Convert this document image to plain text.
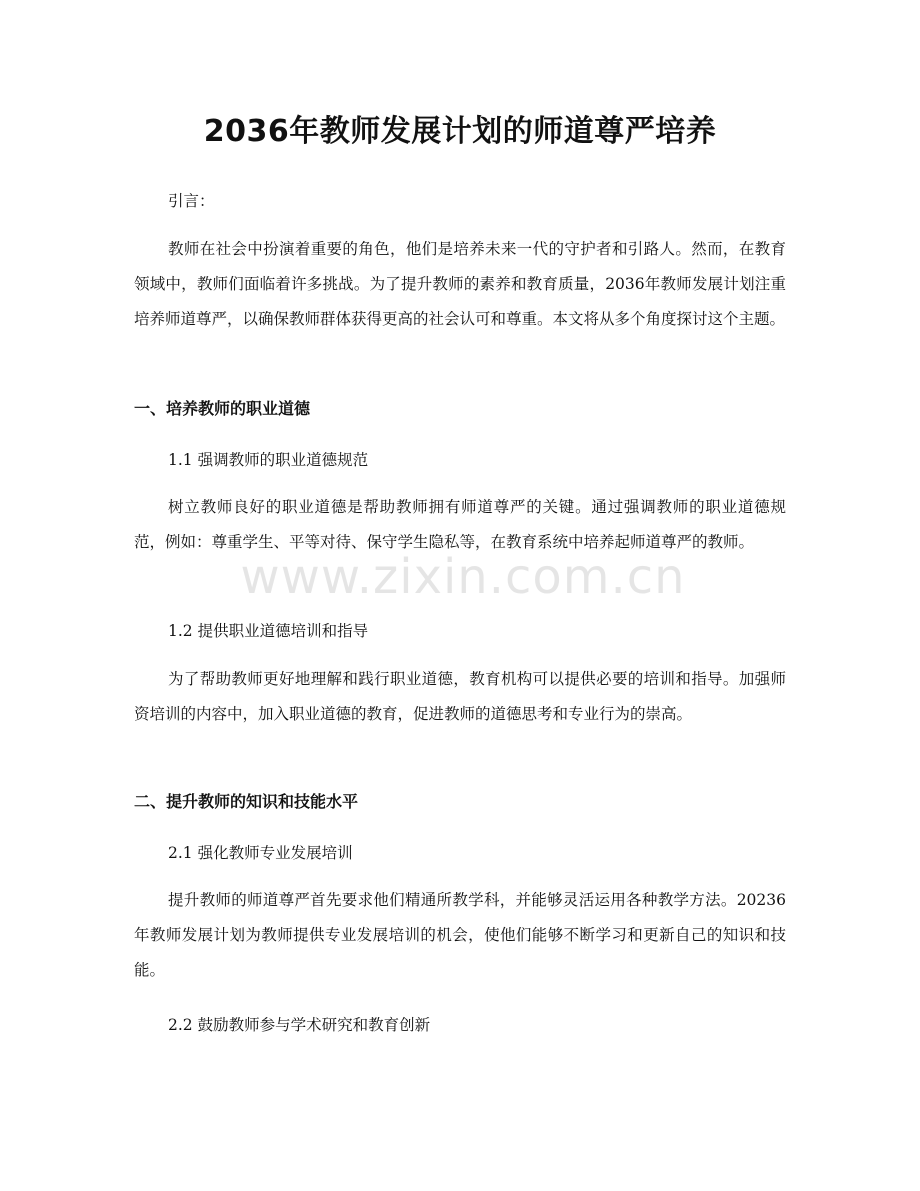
2036年教师发展计划的师道尊严培养
引言：

教师在社会中扮演着重要的角色，他们是培养未来一代的守护者和引路人。然而，在教育领域中，教师们面临着许多挑战。为了提升教师的素养和教育质量，2036年教师发展计划注重培养师道尊严，以确保教师群体获得更高的社会认可和尊重。本文将从多个角度探讨这个主题。

一、培养教师的职业道德
1.1 强调教师的职业道德规范

树立教师良好的职业道德是帮助教师拥有师道尊严的关键。通过强调教师的职业道德规范，例如：尊重学生、平等对待、保守学生隐私等，在教育系统中培养起师道尊严的教师。

1.2 提供职业道德培训和指导

为了帮助教师更好地理解和践行职业道德，教育机构可以提供必要的培训和指导。加强师资培训的内容中，加入职业道德的教育，促进教师的道德思考和专业行为的崇高。

二、提升教师的知识和技能水平
2.1 强化教师专业发展培训

提升教师的师道尊严首先要求他们精通所教学科，并能够灵活运用各种教学方法。20236年教师发展计划为教师提供专业发展培训的机会，使他们能够不断学习和更新自己的知识和技能。

2.2 鼓励教师参与学术研究和教育创新
www.zixin.com.cn
